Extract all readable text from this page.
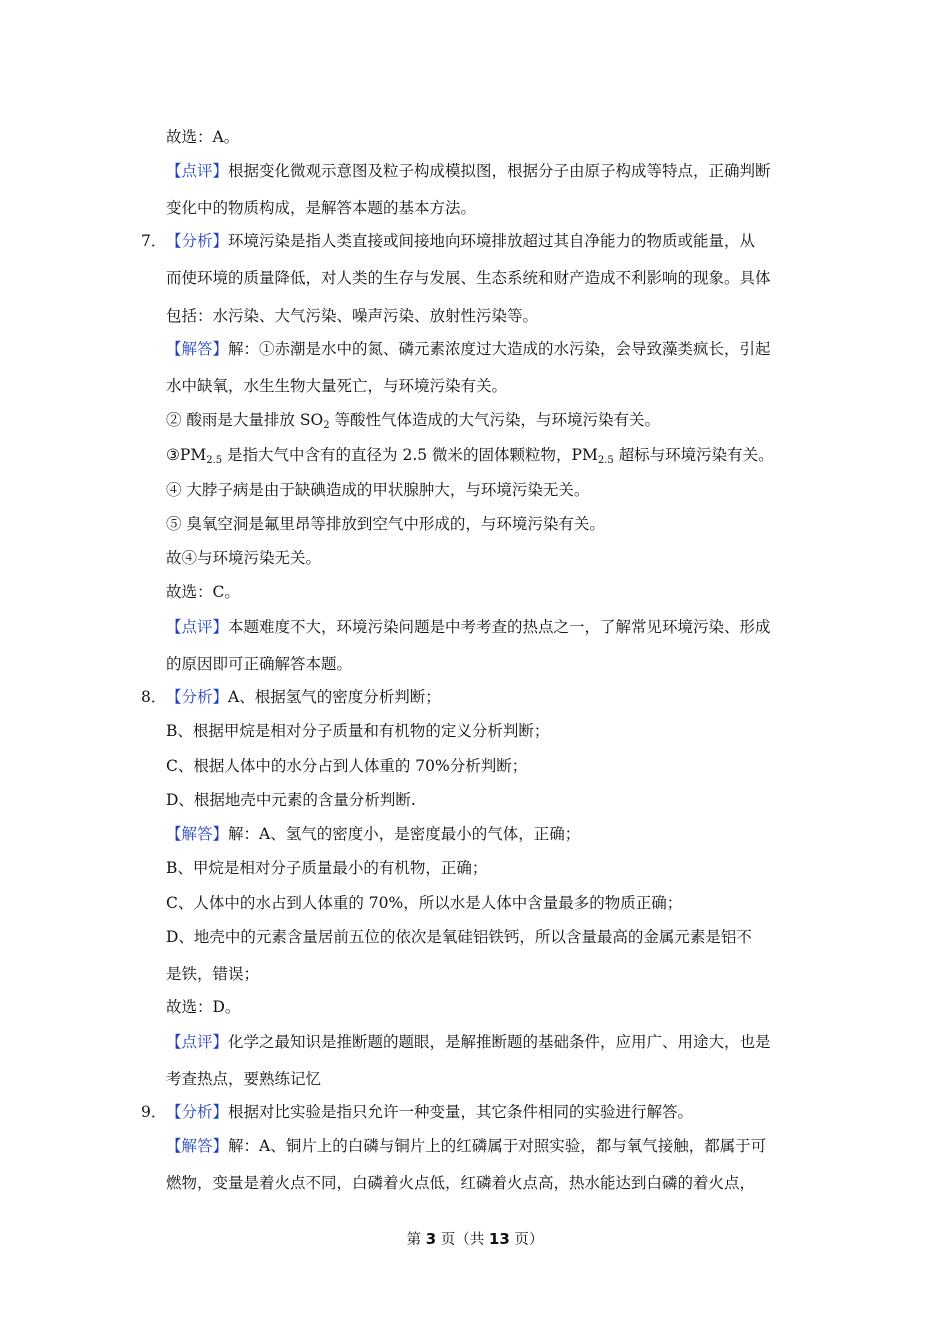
故选：A。
【点评】根据变化微观示意图及粒子构成模拟图，根据分子由原子构成等特点，正确判断
变化中的物质构成，是解答本题的基本方法。
7． 【分析】环境污染是指人类直接或间接地向环境排放超过其自净能力的物质或能量，从
而使环境的质量降低，对人类的生存与发展、生态系统和财产造成不利影响的现象。具体
包括：水污染、大气污染、噪声污染、放射性污染等。
【解答】解：①赤潮是水中的氮、磷元素浓度过大造成的水污染，会导致藻类疯长，引起
水中缺氧，水生生物大量死亡，与环境污染有关。
② 酸雨是大量排放 $SO_2$ 等酸性气体造成的大气污染，与环境污染有关。
$③PM_{2.5}$ 是指大气中含有的直径为 2.5 微米的固体颗粒物，$PM_{2.5}$ 超标与环境污染有关。
④ 大脖子病是由于缺碘造成的甲状腺肿大，与环境污染无关。
⑤ 臭氧空洞是氟里昂等排放到空气中形成的，与环境污染有关。
故④与环境污染无关。
故选：C。
【点评】本题难度不大，环境污染问题是中考考查的热点之一，了解常见环境污染、形成
的原因即可正确解答本题。
8． 【分析】A、根据氢气的密度分析判断；
B、根据甲烷是相对分子质量和有机物的定义分析判断；
C、根据人体中的水分占到人体重的 70%分析判断；
D、根据地壳中元素的含量分析判断.
【解答】解：A、氢气的密度小，是密度最小的气体，正确；
B、甲烷是相对分子质量最小的有机物，正确；
C、人体中的水占到人体重的 70%，所以水是人体中含量最多的物质正确；
D、地壳中的元素含量居前五位的依次是氧硅铝铁钙，所以含量最高的金属元素是铝不
是铁，错误；
故选：D。
【点评】化学之最知识是推断题的题眼，是解推断题的基础条件，应用广、用途大，也是
考查热点，要熟练记忆
9． 【分析】根据对比实验是指只允许一种变量，其它条件相同的实验进行解答。
【解答】解：A、铜片上的白磷与铜片上的红磷属于对照实验，都与氧气接触，都属于可
燃物，变量是着火点不同，白磷着火点低，红磷着火点高，热水能达到白磷的着火点，
第 3 页（共 13 页）
